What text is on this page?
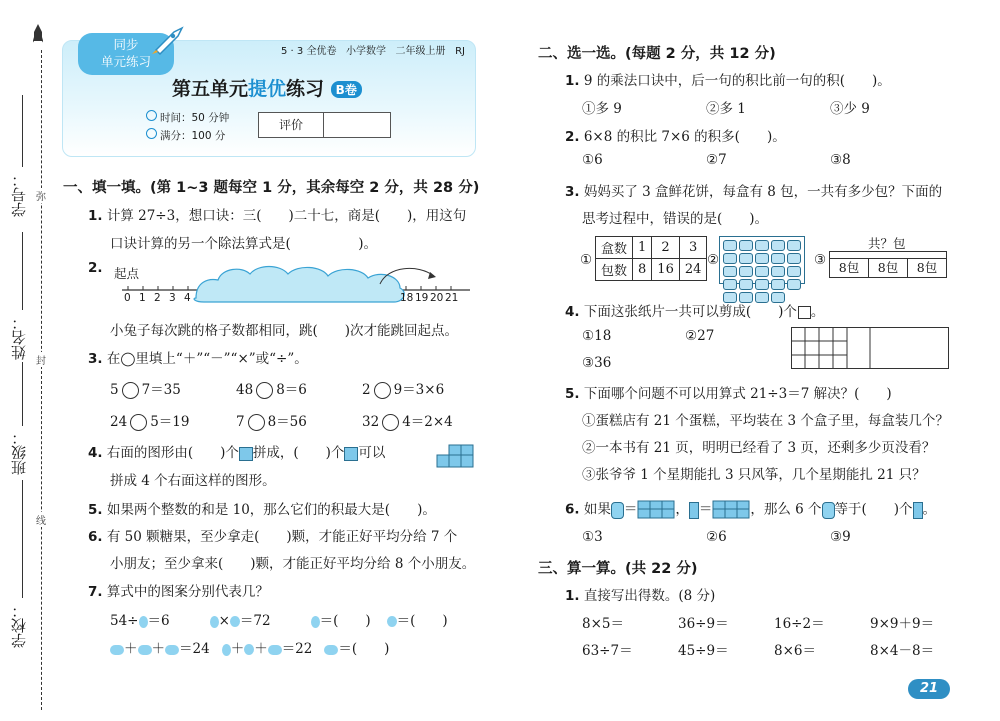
弥
封
线
学号：
姓名：
班级：
学校：
同步
单元练习
5 · 3 全优卷 小学数学 二年级上册 RJ
第五单元提优练习 B卷
时间：50 分钟
满分：100 分
评价
一、填一填。(第 1~3 题每空 1 分，其余每空 2 分，共 28 分)
1. 计算 27÷3，想口诀：三(　　)二十七，商是(　　)，用这句
口诀计算的另一个除法算式是(　　　　　)。
2. 起点
0 1 2 3 4	18 19 20 21
小兔子每次跳的格子数都相同，跳(　　)次才能跳回起点。
3. 在◯里填上“＋”“－”“×”或“÷”。
5 7＝35	48 8＝6	2 9＝3×6
24 5＝19	7 8＝56	32 4＝2×4
4. 右面的图形由(　　)个 拼成，(　　)个 可以
拼成 4 个右面这样的图形。
5. 如果两个整数的和是 10，那么它们的积最大是(　　)。
6. 有 50 颗糖果，至少拿走(　　)颗，才能正好平均分给 7 个
小朋友；至少拿来(　　)颗，才能正好平均分给 8 个小朋友。
7. 算式中的图案分别代表几？
54÷ ＝6	× ＝72	＝(　　) ＝(　　)
＋ ＋ ＝24 ＋ ＋ ＝22 ＝(　　)
二、选一选。(每题 2 分，共 12 分)
1. 9 的乘法口诀中，后一句的积比前一句的积(　　)。
①多 9	②多 1	③少 9
2. 6×8 的积比 7×6 的积多(　　)。
①6	②7	③8
3. 妈妈买了 3 盒鲜花饼，每盒有 8 包，一共有多少包？下面的
思考过程中，错误的是(　　)。
①
盒数	1	2	3
包数	8	16	24
②	③
共？包
8包	8包	8包
4. 下面这张纸片一共可以剪成(　　)个 。
①18	②27
③36
5. 下面哪个问题不可以用算式 21÷3＝7 解决？(　　)
①蛋糕店有 21 个蛋糕，平均装在 3 个盒子里，每盒装几个？
②一本书有 21 页，明明已经看了 3 页，还剩多少页没看？
③张爷爷 1 个星期能扎 3 只风筝，几个星期能扎 21 只？
6. 如果 ＝	， ＝	，那么 6 个 等于(　　)个 。
①3	②6	③9
三、算一算。(共 22 分)
1. 直接写出得数。(8 分)
8×5＝	36÷9＝	16÷2＝	9×9＋9＝
63÷7＝	45÷9＝	8×6＝	8×4－8＝
21
